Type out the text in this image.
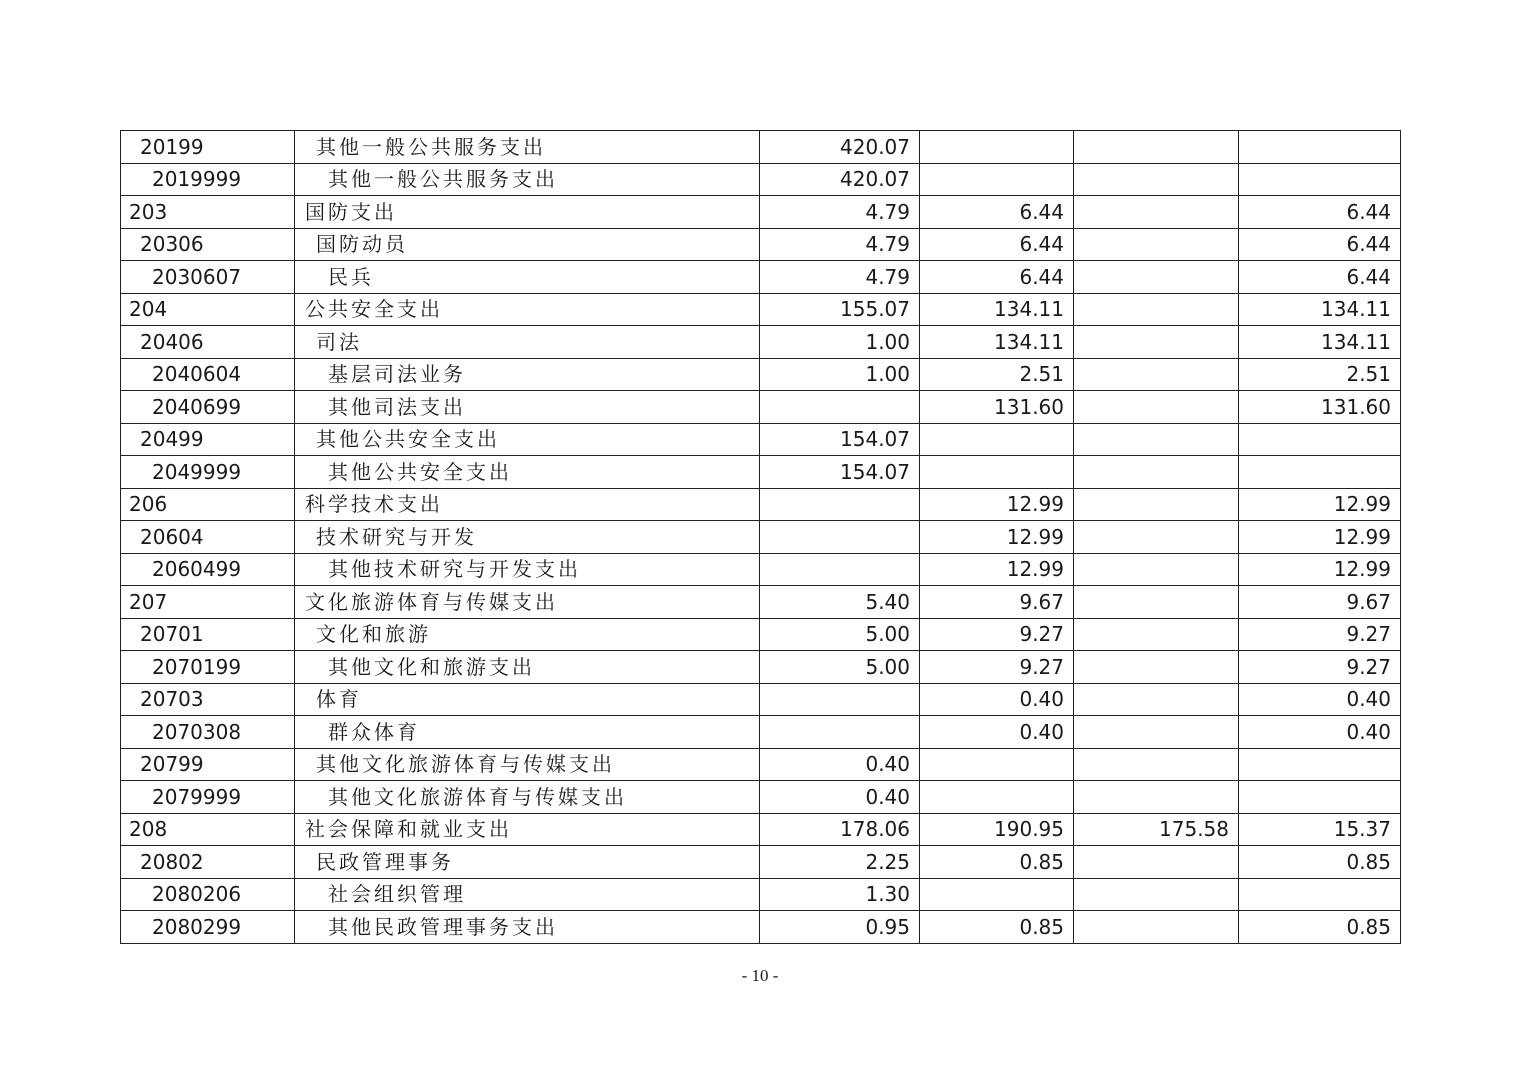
20199	其他一般公共服务支出	420.07			
2019999	其他一般公共服务支出	420.07			
203	国防支出	4.79	6.44		6.44
20306	国防动员	4.79	6.44		6.44
2030607	民兵	4.79	6.44		6.44
204	公共安全支出	155.07	134.11		134.11
20406	司法	1.00	134.11		134.11
2040604	基层司法业务	1.00	2.51		2.51
2040699	其他司法支出		131.60		131.60
20499	其他公共安全支出	154.07			
2049999	其他公共安全支出	154.07			
206	科学技术支出		12.99		12.99
20604	技术研究与开发		12.99		12.99
2060499	其他技术研究与开发支出		12.99		12.99
207	文化旅游体育与传媒支出	5.40	9.67		9.67
20701	文化和旅游	5.00	9.27		9.27
2070199	其他文化和旅游支出	5.00	9.27		9.27
20703	体育		0.40		0.40
2070308	群众体育		0.40		0.40
20799	其他文化旅游体育与传媒支出	0.40			
2079999	其他文化旅游体育与传媒支出	0.40			
208	社会保障和就业支出	178.06	190.95	175.58	15.37
20802	民政管理事务	2.25	0.85		0.85
2080206	社会组织管理	1.30			
2080299	其他民政管理事务支出	0.95	0.85		0.85
- 10 -
